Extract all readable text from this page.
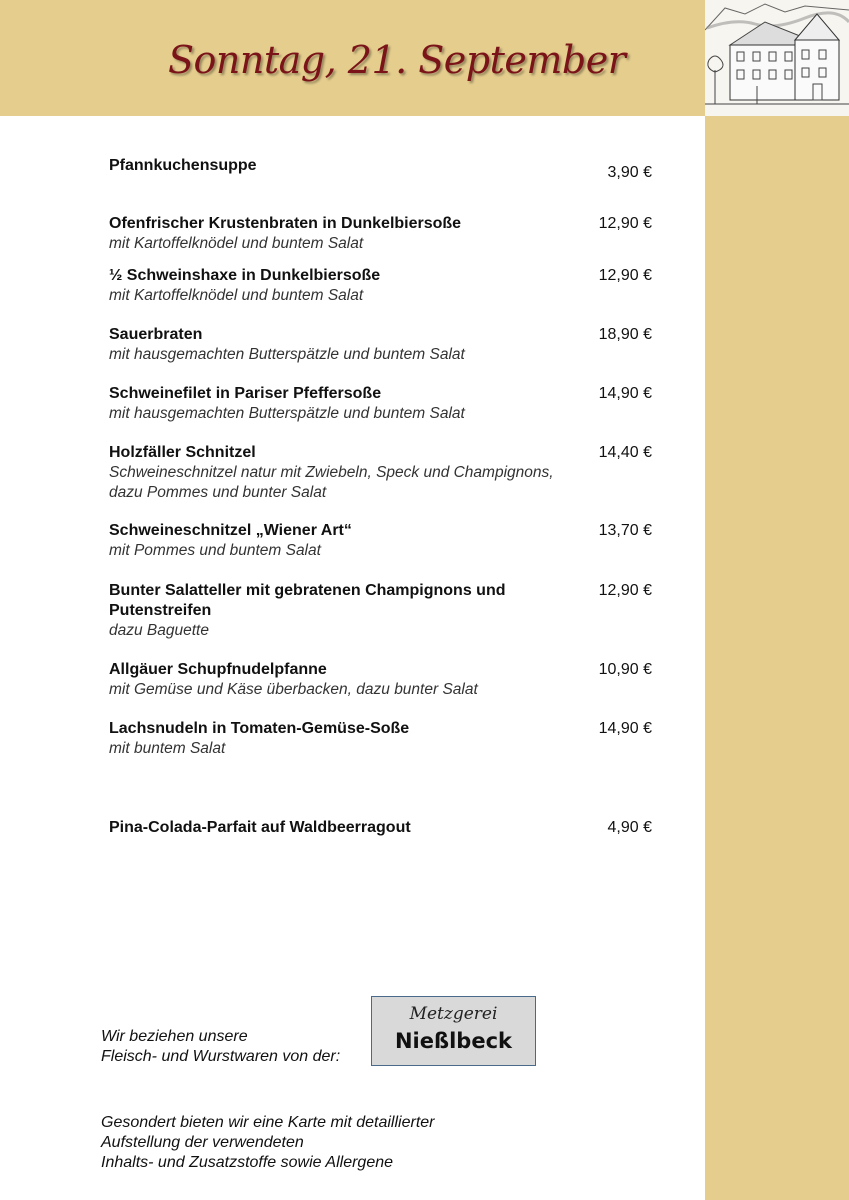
Sonntag, 21. September
Pfannkuchensuppe	3,90 €
Ofenfrischer Krustenbraten in Dunkelbiersoße
mit Kartoffelknödel und buntem Salat
12,90 €
½ Schweinshaxe in Dunkelbiersoße
mit Kartoffelknödel und buntem Salat
12,90 €
Sauerbraten
mit hausgemachten Butterspätzle und buntem Salat
18,90 €
Schweinefilet in Pariser Pfeffersoße
mit hausgemachten Butterspätzle und buntem Salat
14,90 €
Holzfäller Schnitzel
Schweineschnitzel natur mit Zwiebeln, Speck und Champignons, dazu Pommes und bunter Salat
14,40 €
Schweineschnitzel „Wiener Art“
mit Pommes und buntem Salat
13,70 €
Bunter Salatteller mit gebratenen Champignons und Putenstreifen
dazu Baguette
12,90 €
Allgäuer Schupfnudelpfanne
mit Gemüse und Käse überbacken, dazu bunter Salat
10,90 €
Lachsnudeln in Tomaten-Gemüse-Soße
mit buntem Salat
14,90 €
Pina-Colada-Parfait auf Waldbeerragout	4,90 €
Wir beziehen unsere
Fleisch- und Wurstwaren von der:
Metzgerei
Nießlbeck
Gesondert bieten wir eine Karte mit detaillierter
Aufstellung der verwendeten
Inhalts- und Zusatzstoffe sowie Allergene
